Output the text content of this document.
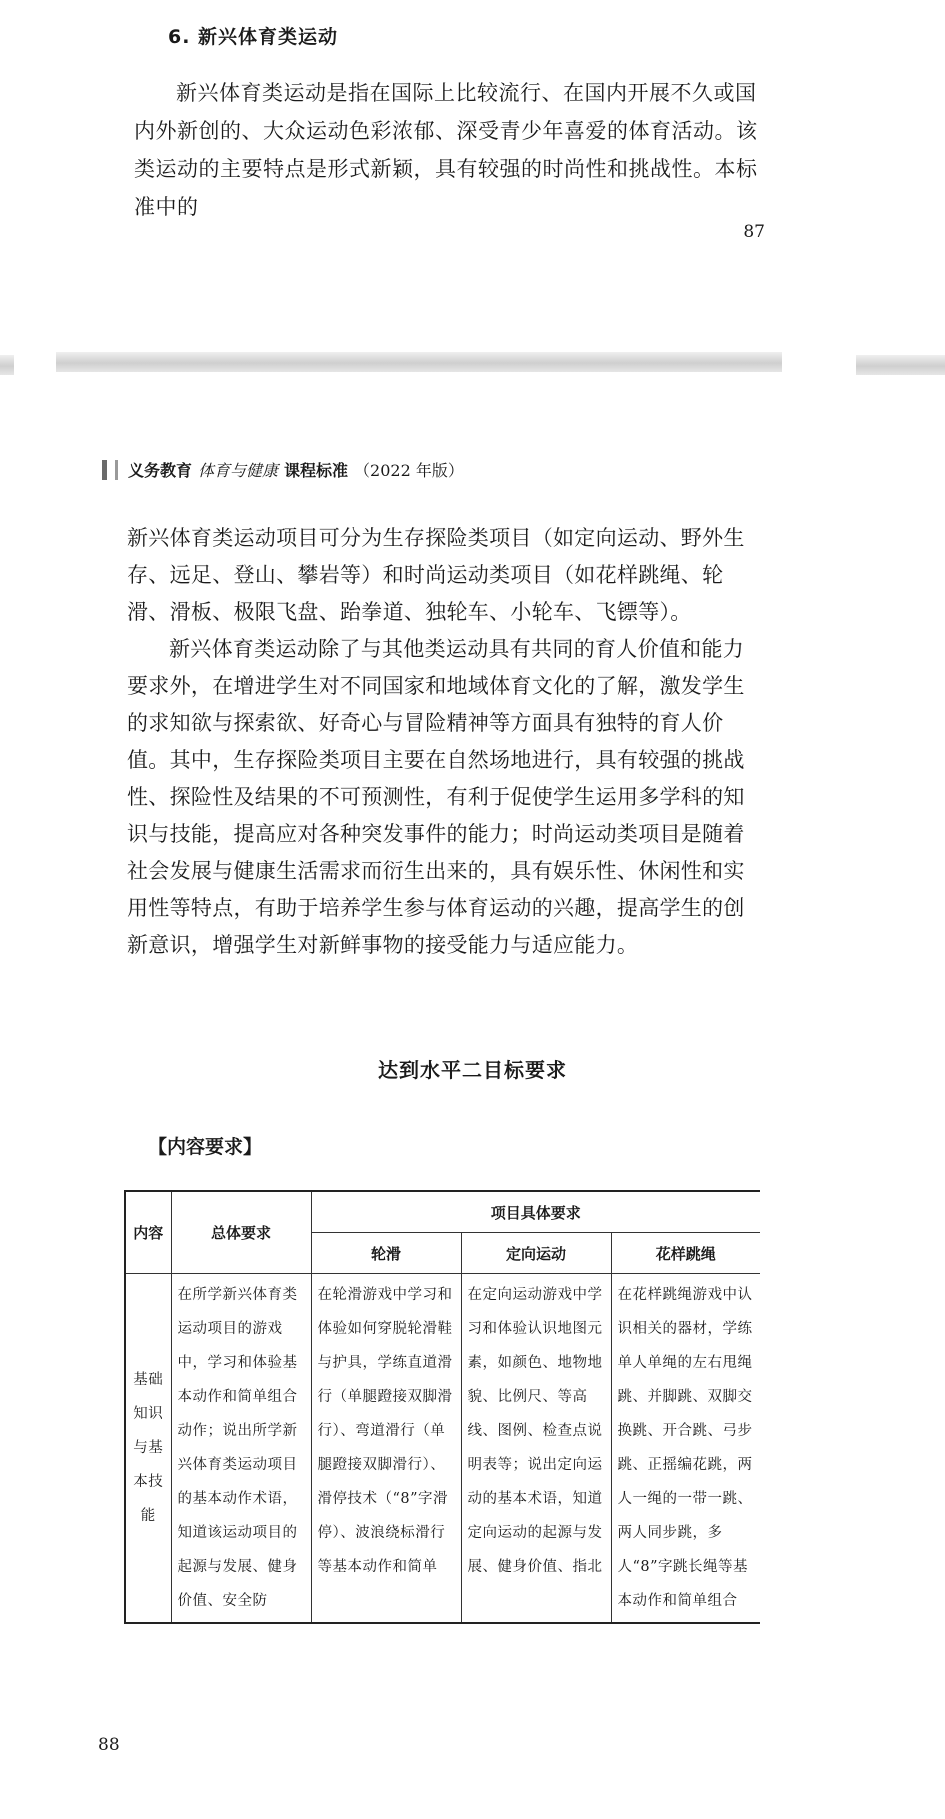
6. 新兴体育类运动

新兴体育类运动是指在国际上比较流行、在国内开展不久或国内外新创的、大众运动色彩浓郁、深受青少年喜爱的体育活动。该类运动的主要特点是形式新颖，具有较强的时尚性和挑战性。本标准中的

87
义务教育 体育与健康 课程标准 （2022 年版）

新兴体育类运动项目可分为生存探险类项目（如定向运动、野外生存、远足、登山、攀岩等）和时尚运动类项目（如花样跳绳、轮滑、滑板、极限飞盘、跆拳道、独轮车、小轮车、飞镖等）。

新兴体育类运动除了与其他类运动具有共同的育人价值和能力要求外，在增进学生对不同国家和地域体育文化的了解，激发学生的求知欲与探索欲、好奇心与冒险精神等方面具有独特的育人价值。其中，生存探险类项目主要在自然场地进行，具有较强的挑战性、探险性及结果的不可预测性，有利于促使学生运用多学科的知识与技能，提高应对各种突发事件的能力；时尚运动类项目是随着社会发展与健康生活需求而衍生出来的，具有娱乐性、休闲性和实用性等特点，有助于培养学生参与体育运动的兴趣，提高学生的创新意识，增强学生对新鲜事物的接受能力与适应能力。

达到水平二目标要求
【内容要求】
内容	总体要求	项目具体要求		
		轮滑	定向运动	花样跳绳
基础知识与基本技能	在所学新兴体育类运动项目的游戏中，学习和体验基本动作和简单组合动作；说出所学新兴体育类运动项目的基本动作术语，知道该运动项目的起源与发展、健身价值、安全防	在轮滑游戏中学习和体验如何穿脱轮滑鞋与护具，学练直道滑行（单腿蹬接双脚滑行）、弯道滑行（单腿蹬接双脚滑行）、滑停技术（“8”字滑停）、波浪绕标滑行等基本动作和简单	在定向运动游戏中学习和体验认识地图元素，如颜色、地物地貌、比例尺、等高线、图例、检查点说明表等；说出定向运动的基本术语，知道定向运动的起源与发展、健身价值、指北	在花样跳绳游戏中认识相关的器材，学练单人单绳的左右甩绳跳、并脚跳、双脚交换跳、开合跳、弓步跳、正摇编花跳，两人一绳的一带一跳、两人同步跳，多人“8”字跳长绳等基本动作和简单组合
88
